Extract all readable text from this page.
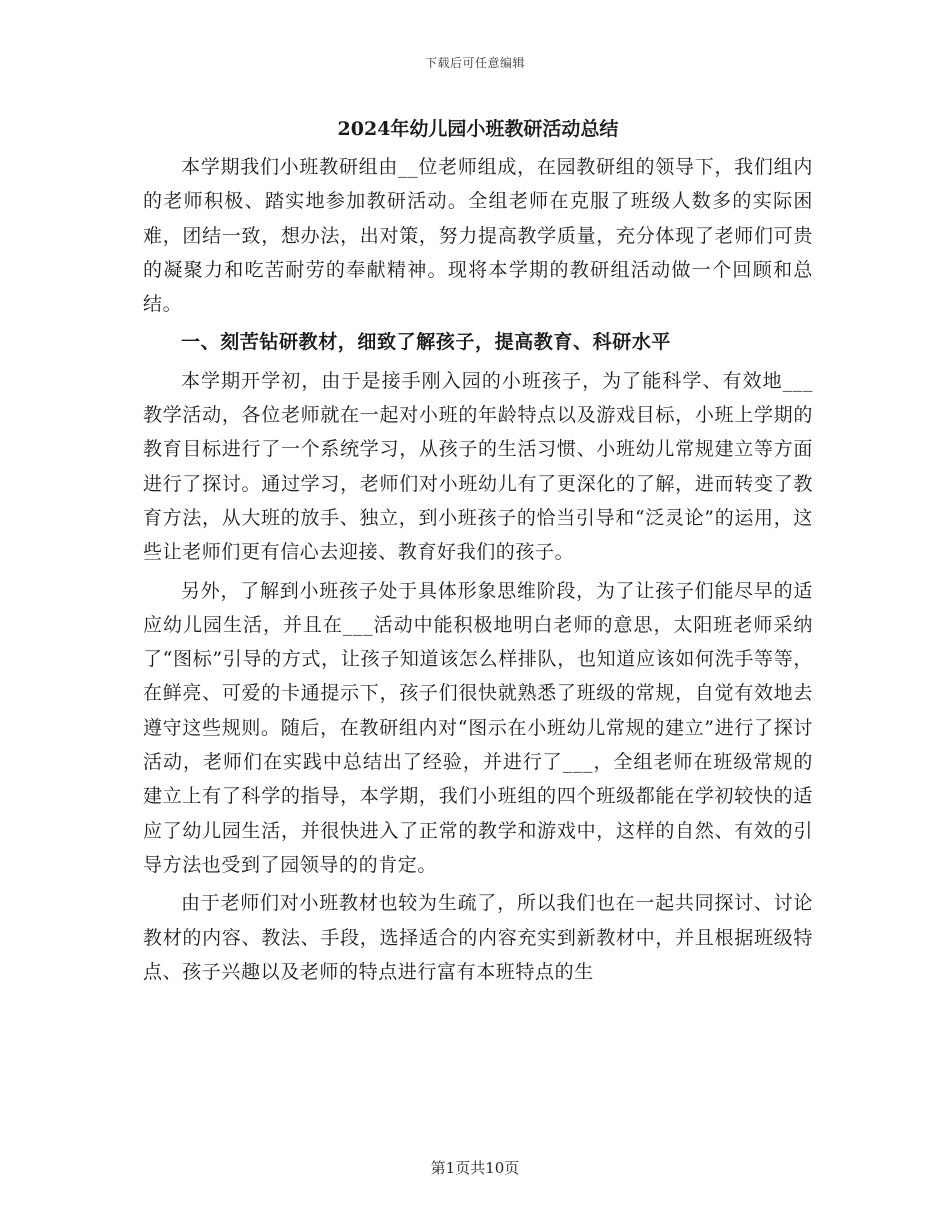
下载后可任意编辑
2024年幼儿园小班教研活动总结

本学期我们小班教研组由__位老师组成，在园教研组的领导下，我们组内的老师积极、踏实地参加教研活动。全组老师在克服了班级人数多的实际困难，团结一致，想办法，出对策，努力提高教学质量，充分体现了老师们可贵的凝聚力和吃苦耐劳的奉献精神。现将本学期的教研组活动做一个回顾和总结。

一、刻苦钻研教材，细致了解孩子，提高教育、科研水平

本学期开学初，由于是接手刚入园的小班孩子，为了能科学、有效地___教学活动，各位老师就在一起对小班的年龄特点以及游戏目标，小班上学期的教育目标进行了一个系统学习，从孩子的生活习惯、小班幼儿常规建立等方面进行了探讨。通过学习，老师们对小班幼儿有了更深化的了解，进而转变了教育方法，从大班的放手、独立，到小班孩子的恰当引导和“泛灵论”的运用，这些让老师们更有信心去迎接、教育好我们的孩子。

另外，了解到小班孩子处于具体形象思维阶段，为了让孩子们能尽早的适应幼儿园生活，并且在___活动中能积极地明白老师的意思，太阳班老师采纳了“图标”引导的方式，让孩子知道该怎么样排队，也知道应该如何洗手等等，在鲜亮、可爱的卡通提示下，孩子们很快就熟悉了班级的常规，自觉有效地去遵守这些规则。随后，在教研组内对“图示在小班幼儿常规的建立”进行了探讨活动，老师们在实践中总结出了经验，并进行了___，全组老师在班级常规的建立上有了科学的指导，本学期，我们小班组的四个班级都能在学初较快的适应了幼儿园生活，并很快进入了正常的教学和游戏中，这样的自然、有效的引导方法也受到了园领导的的肯定。

由于老师们对小班教材也较为生疏了，所以我们也在一起共同探讨、讨论教材的内容、教法、手段，选择适合的内容充实到新教材中，并且根据班级特点、孩子兴趣以及老师的特点进行富有本班特点的生

第1页共10页
